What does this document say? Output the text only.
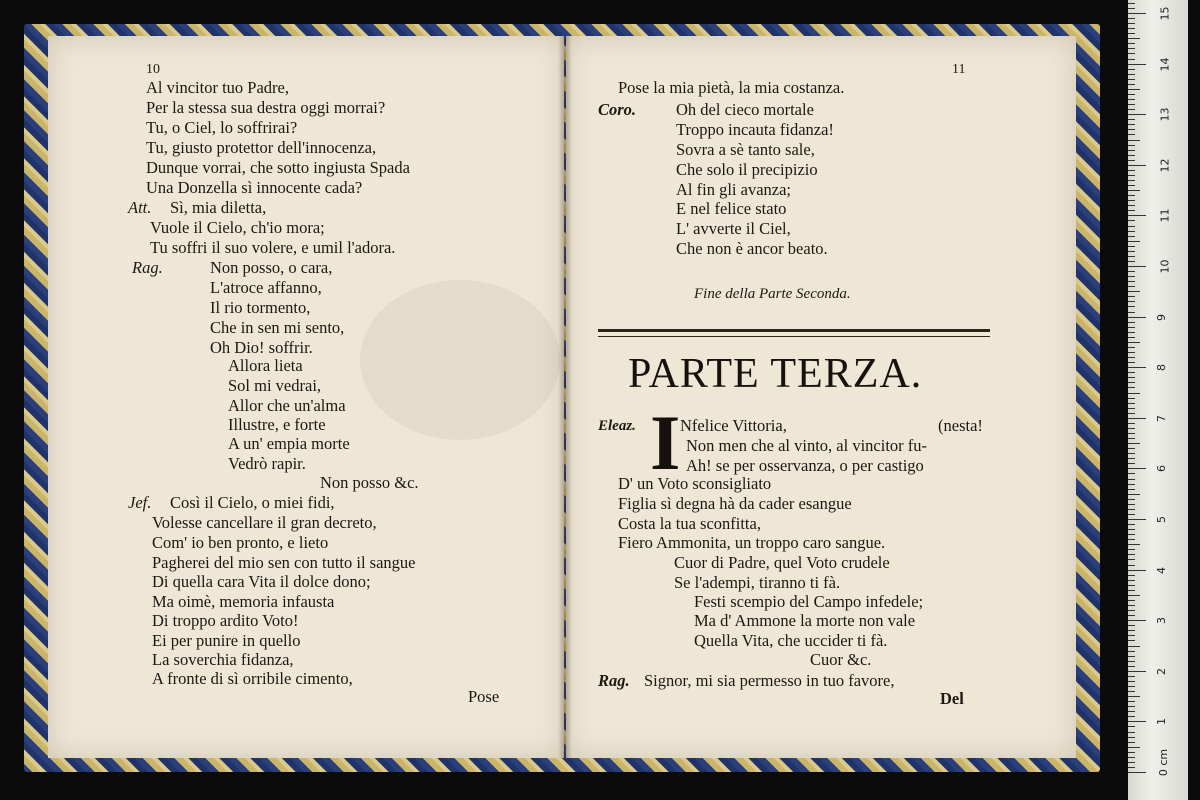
10
Al vincitor tuo Padre,
Per la stessa sua destra oggi morrai?
Tu, o Ciel, lo soffrirai?
Tu, giusto protettor dell'innocenza,
Dunque vorrai, che sotto ingiusta Spada
Una Donzella sì innocente cada?
Att. Sì, mia diletta,
Vuole il Cielo, ch'io mora;
Tu soffri il suo volere, e umil l'adora.
Rag.	Non posso, o cara,
L'atroce affanno,
Il rio tormento,
Che in sen mi sento,
Oh Dio! soffrir.
Allora lieta
Sol mi vedrai,
Allor che un'alma
Illustre, e forte
A un' empia morte
Vedrò rapir.
Non posso &c.
Jef. Così il Cielo, o miei fidi,
Volesse cancellare il gran decreto,
Com' io ben pronto, e lieto
Pagherei del mio sen con tutto il sangue
Di quella cara Vita il dolce dono;
Ma oimè, memoria infausta
Di troppo ardito Voto!
Ei per punire in quello
La soverchia fidanza,
A fronte di sì orribile cimento,
Pose
Pose la mia pietà, la mia costanza.
11
Coro. Oh del cieco mortale
Troppo incauta fidanza!
Sovra a sè tanto sale,
Che solo il precipizio
Al fin gli avanza;
E nel felice stato
L' avverte il Ciel,
Che non è ancor beato.
Fine della Parte Seconda.
PARTE TERZA.
Eleaz. I Nfelice Vittoria,	(nesta!
Non men che al vinto, al vincitor fu-
Ah! se per osservanza, o per castigo
D' un Voto sconsigliato
Figlia sì degna hà da cader esangue
Costa la tua sconfitta,
Fiero Ammonita, un troppo caro sangue.
Cuor di Padre, quel Voto crudele
Se l'adempi, tiranno ti fà.
Festi scempio del Campo infedele;
Ma d' Ammone la morte non vale
Quella Vita, che uccider ti fà.
Cuor &c.
Rag. Signor, mi sia permesso in tuo favore,
Del
0 cm
1
2
3
4
5
6
7
8
9
10
11
12
13
14
15
